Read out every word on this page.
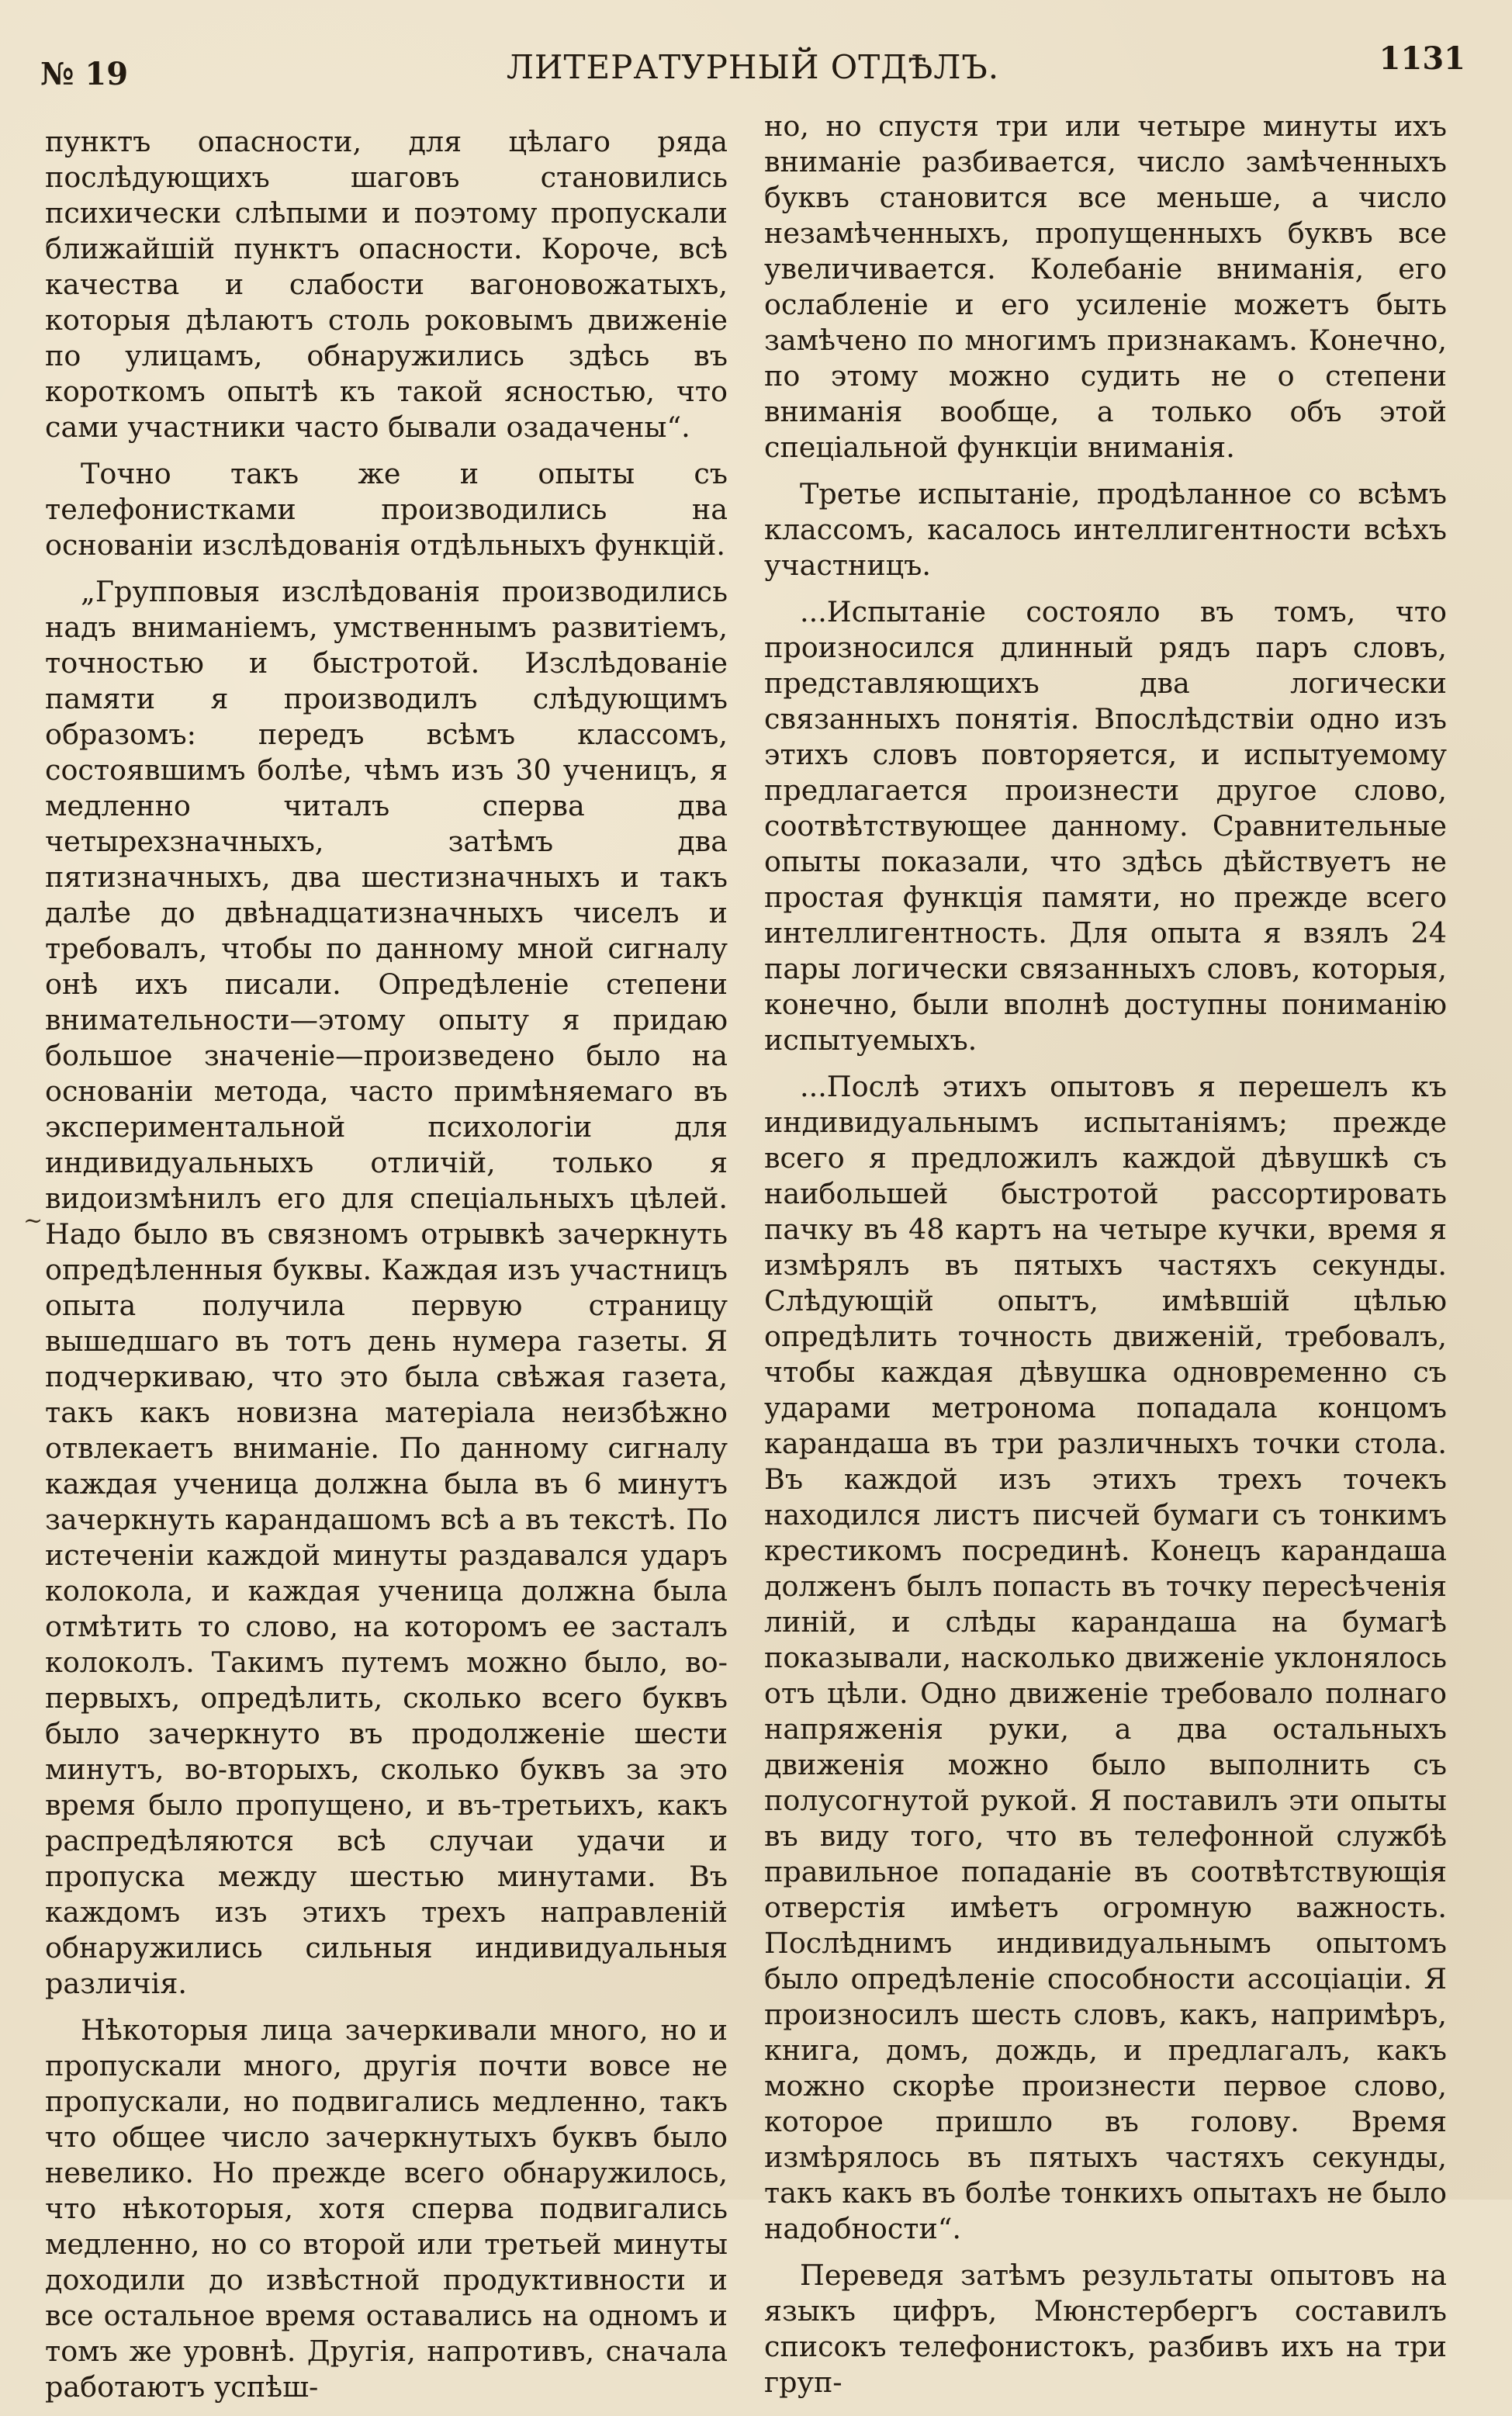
№ 19	ЛИТЕРАТУРНЫЙ ОТДѢЛЪ.	1131

пунктъ опасности, для цѣлаго ряда послѣдующихъ шаговъ становились психически слѣпыми и поэтому пропускали ближайшій пунктъ опасности. Короче, всѣ качества и слабости вагоновожатыхъ, которыя дѣлаютъ столь роковымъ движеніе по улицамъ, обнаружились здѣсь въ короткомъ опытѣ къ такой ясностью, что сами участники часто бывали озадачены“.

Точно такъ же и опыты съ телефонистками производились на основаніи изслѣдованія отдѣльныхъ функцій.

„Групповыя изслѣдованія производились надъ вниманіемъ, умственнымъ развитіемъ, точностью и быстротой. Изслѣдованіе памяти я производилъ слѣдующимъ образомъ: передъ всѣмъ классомъ, состоявшимъ болѣе, чѣмъ изъ 30 ученицъ, я медленно читалъ сперва два четырехзначныхъ, затѣмъ два пятизначныхъ, два шестизначныхъ и такъ далѣе до двѣнадцатизначныхъ чиселъ и требовалъ, чтобы по данному мной сигналу онѣ ихъ писали. Опредѣленіе степени внимательности—этому опыту я придаю большое значеніе—произведено было на основаніи метода, часто примѣняемаго въ экспериментальной психологіи для индивидуальныхъ отличій, только я видоизмѣнилъ его для спеціальныхъ цѣлей. Надо было въ связномъ отрывкѣ зачеркнуть опредѣленныя буквы. Каждая изъ участницъ опыта получила первую страницу вышедшаго въ тотъ день нумера газеты. Я подчеркиваю, что это была свѣжая газета, такъ какъ новизна матеріала неизбѣжно отвлекаетъ вниманіе. По данному сигналу каждая ученица должна была въ 6 минутъ зачеркнуть карандашомъ всѣ а въ текстѣ. По истеченіи каждой минуты раздавался ударъ колокола, и каждая ученица должна была отмѣтить то слово, на которомъ ее засталъ колоколъ. Такимъ путемъ можно было, во-первыхъ, опредѣлить, сколько всего буквъ было зачеркнуто въ продолженіе шести минутъ, во-вторыхъ, сколько буквъ за это время было пропущено, и въ-третьихъ, какъ распредѣляются всѣ случаи удачи и пропуска между шестью минутами. Въ каждомъ изъ этихъ трехъ направленій обнаружились сильныя индивидуальныя различія.

Нѣкоторыя лица зачеркивали много, но и пропускали много, другія почти вовсе не пропускали, но подвигались медленно, такъ что общее число зачеркнутыхъ буквъ было невелико. Но прежде всего обнаружилось, что нѣкоторыя, хотя сперва подвигались медленно, но со второй или третьей минуты доходили до извѣстной продуктивности и все остальное время оставались на одномъ и томъ же уровнѣ. Другія, напротивъ, сначала работаютъ успѣш-

~

но, но спустя три или четыре минуты ихъ вниманіе разбивается, число замѣченныхъ буквъ становится все меньше, а число незамѣченныхъ, пропущенныхъ буквъ все увеличивается. Колебаніе вниманія, его ослабленіе и его усиленіе можетъ быть замѣчено по многимъ признакамъ. Конечно, по этому можно судить не о степени вниманія вообще, а только объ этой спеціальной функціи вниманія.

Третье испытаніе, продѣланное со всѣмъ классомъ, касалось интеллигентности всѣхъ участницъ.

...Испытаніе состояло въ томъ, что произносился длинный рядъ паръ словъ, представляющихъ два логически связанныхъ понятія. Впослѣдствіи одно изъ этихъ словъ повторяется, и испытуемому предлагается произнести другое слово, соотвѣтствующее данному. Сравнительные опыты показали, что здѣсь дѣйствуетъ не простая функція памяти, но прежде всего интеллигентность. Для опыта я взялъ 24 пары логически связанныхъ словъ, которыя, конечно, были вполнѣ доступны пониманію испытуемыхъ.

...Послѣ этихъ опытовъ я перешелъ къ индивидуальнымъ испытаніямъ; прежде всего я предложилъ каждой дѣвушкѣ съ наибольшей быстротой рассортировать пачку въ 48 картъ на четыре кучки, время я измѣрялъ въ пятыхъ частяхъ секунды. Слѣдующій опытъ, имѣвшій цѣлью опредѣлить точность движеній, требовалъ, чтобы каждая дѣвушка одновременно съ ударами метронома попадала концомъ карандаша въ три различныхъ точки стола. Въ каждой изъ этихъ трехъ точекъ находился листъ писчей бумаги съ тонкимъ крестикомъ посрединѣ. Конецъ карандаша долженъ былъ попасть въ точку пересѣченія линій, и слѣды карандаша на бумагѣ показывали, насколько движеніе уклонялось отъ цѣли. Одно движеніе требовало полнаго напряженія руки, а два остальныхъ движенія можно было выполнить съ полусогнутой рукой. Я поставилъ эти опыты въ виду того, что въ телефонной службѣ правильное попаданіе въ соотвѣтствующія отверстія имѣетъ огромную важность. Послѣднимъ индивидуальнымъ опытомъ было опредѣленіе способности ассоціаціи. Я произносилъ шесть словъ, какъ, напримѣръ, книга, домъ, дождь, и предлагалъ, какъ можно скорѣе произнести первое слово, которое пришло въ голову. Время измѣрялось въ пятыхъ частяхъ секунды, такъ какъ въ болѣе тонкихъ опытахъ не было надобности“.

Переведя затѣмъ результаты опытовъ на языкъ цифръ, Мюнстербергъ составилъ списокъ телефонистокъ, разбивъ ихъ на три груп-
